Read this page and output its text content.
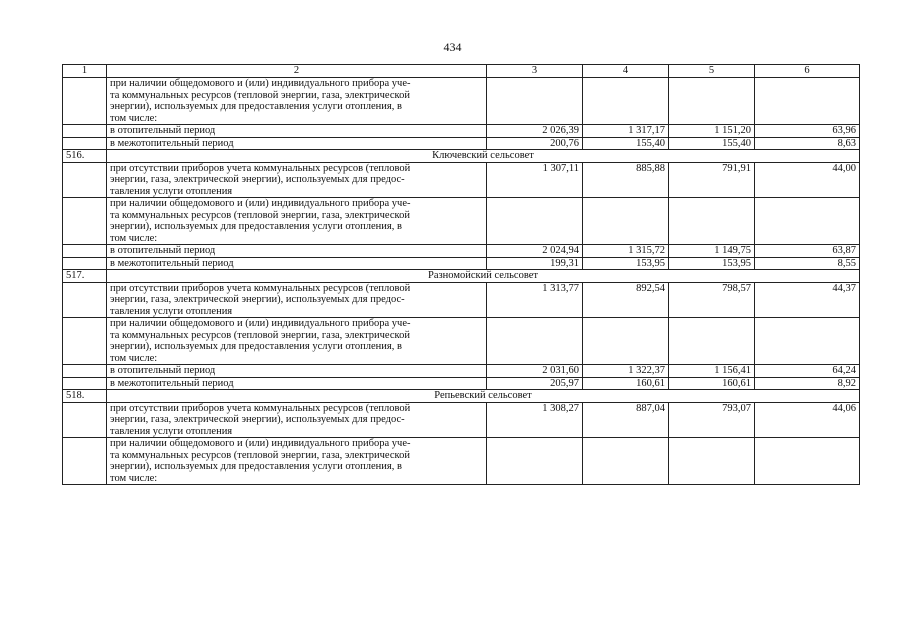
434
1	2	3	4	5	6

	при наличии общедомового и (или) индивидуального прибора уче-
та коммунальных ресурсов (тепловой энергии, газа, электрической
энергии), используемых для предоставления услуги отопления, в
том числе:				

	в отопительный период	2 026,39	1 317,17	1 151,20	63,96

	в межотопительный период	200,76	155,40	155,40	8,63
516.	Ключевский сельсовет				

	при отсутствии приборов учета коммунальных ресурсов (тепловой
энергии, газа, электрической энергии), используемых для предос-
тавления услуги отопления	1 307,11	885,88	791,91	44,00

	при наличии общедомового и (или) индивидуального прибора уче-
та коммунальных ресурсов (тепловой энергии, газа, электрической
энергии), используемых для предоставления услуги отопления, в
том числе:				

	в отопительный период	2 024,94	1 315,72	1 149,75	63,87

	в межотопительный период	199,31	153,95	153,95	8,55
517.	Разномойский сельсовет				

	при отсутствии приборов учета коммунальных ресурсов (тепловой
энергии, газа, электрической энергии), используемых для предос-
тавления услуги отопления	1 313,77	892,54	798,57	44,37

	при наличии общедомового и (или) индивидуального прибора уче-
та коммунальных ресурсов (тепловой энергии, газа, электрической
энергии), используемых для предоставления услуги отопления, в
том числе:				

	в отопительный период	2 031,60	1 322,37	1 156,41	64,24

	в межотопительный период	205,97	160,61	160,61	8,92
518.	Репьевский сельсовет				

	при отсутствии приборов учета коммунальных ресурсов (тепловой
энергии, газа, электрической энергии), используемых для предос-
тавления услуги отопления	1 308,27	887,04	793,07	44,06

	при наличии общедомового и (или) индивидуального прибора уче-
та коммунальных ресурсов (тепловой энергии, газа, электрической
энергии), используемых для предоставления услуги отопления, в
том числе:				
